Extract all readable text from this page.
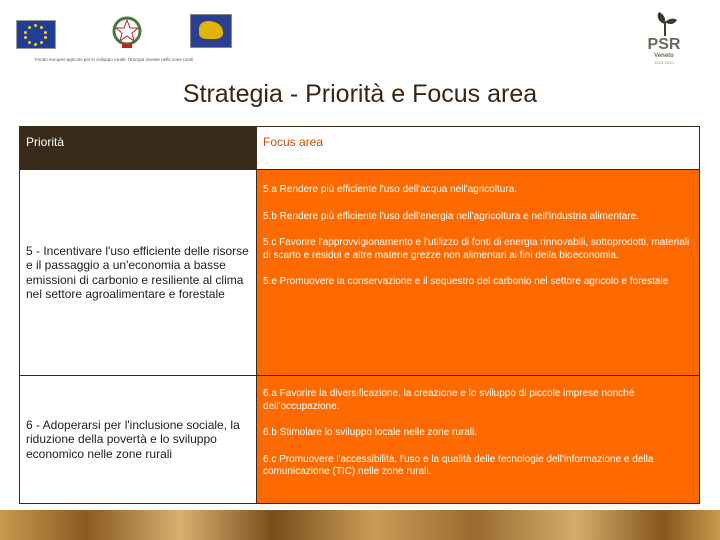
Fondo europeo agricolo per lo sviluppo rurale: l'Europa investe nelle zone rurali
PSR
Veneto
2014-2020
Strategia - Priorità e Focus area
Priorità	Focus area
5 - Incentivare l'uso efficiente delle risorse e il passaggio a un'economia a basse emissioni di carbonio e resiliente al clima nel settore agroalimentare e forestale	5.a Rendere più efficiente l'uso dell'acqua nell'agricoltura.

5.b Rendere più efficiente l'uso dell'energia nell'agricoltura e nell'industria alimentare.

5.c Favorire l'approvvigionamento e l'utilizzo di fonti di energia rinnovabili, sottoprodotti, materiali di scarto e residui e altre materie grezze non alimentari ai fini della bioeconomia.

5.e Promuovere la conservazione e il sequestro del carbonio nel settore agricolo e forestale

6 - Adoperarsi per l'inclusione sociale, la riduzione della povertà e lo sviluppo economico nelle zone rurali	6.a Favorire la diversificazione, la creazione e lo sviluppo di piccole imprese nonché dell'occupazione.

6.b Stimolare lo sviluppo locale nelle zone rurali.

6.c Promuovere l'accessibilità, l'uso e la qualità delle tecnologie dell'informazione e della comunicazione (TIC) nelle zone rurali.
